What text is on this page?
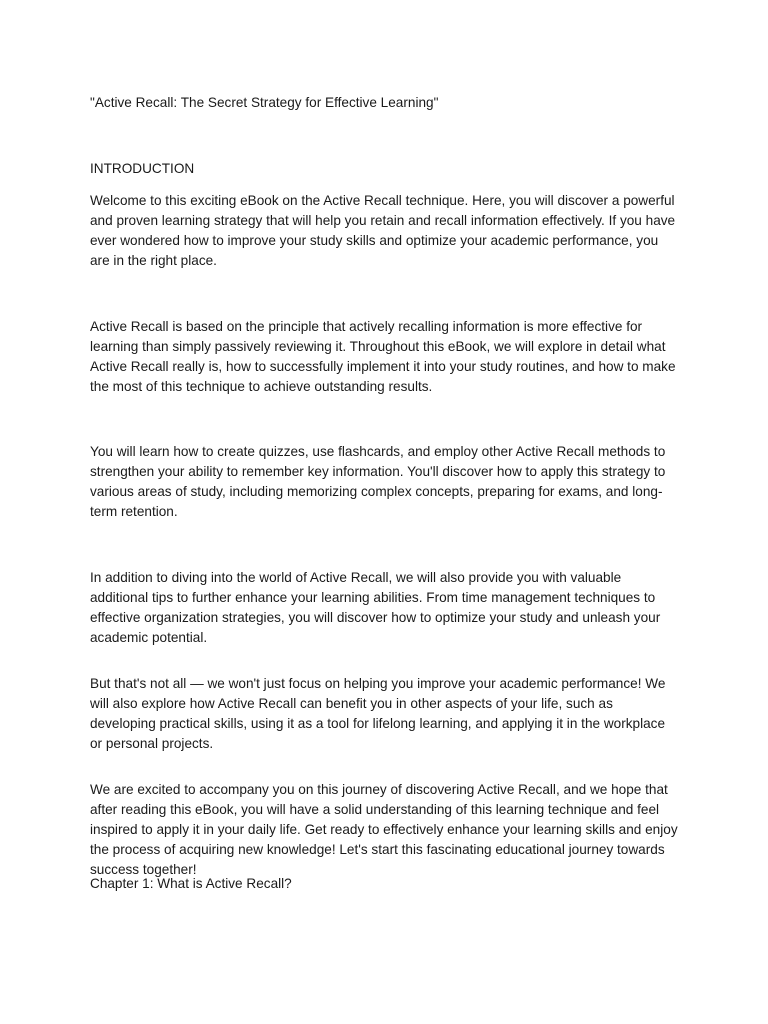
"Active Recall: The Secret Strategy for Effective Learning"
INTRODUCTION

Welcome to this exciting eBook on the Active Recall technique. Here, you will discover a powerful and proven learning strategy that will help you retain and recall information effectively. If you have ever wondered how to improve your study skills and optimize your academic performance, you are in the right place.

Active Recall is based on the principle that actively recalling information is more effective for learning than simply passively reviewing it. Throughout this eBook, we will explore in detail what Active Recall really is, how to successfully implement it into your study routines, and how to make the most of this technique to achieve outstanding results.

You will learn how to create quizzes, use flashcards, and employ other Active Recall methods to strengthen your ability to remember key information. You'll discover how to apply this strategy to various areas of study, including memorizing complex concepts, preparing for exams, and long-term retention.

In addition to diving into the world of Active Recall, we will also provide you with valuable additional tips to further enhance your learning abilities. From time management techniques to effective organization strategies, you will discover how to optimize your study and unleash your academic potential.

But that's not all — we won't just focus on helping you improve your academic performance! We will also explore how Active Recall can benefit you in other aspects of your life, such as developing practical skills, using it as a tool for lifelong learning, and applying it in the workplace or personal projects.

We are excited to accompany you on this journey of discovering Active Recall, and we hope that after reading this eBook, you will have a solid understanding of this learning technique and feel inspired to apply it in your daily life. Get ready to effectively enhance your learning skills and enjoy the process of acquiring new knowledge! Let's start this fascinating educational journey towards success together!

Chapter 1: What is Active Recall?
